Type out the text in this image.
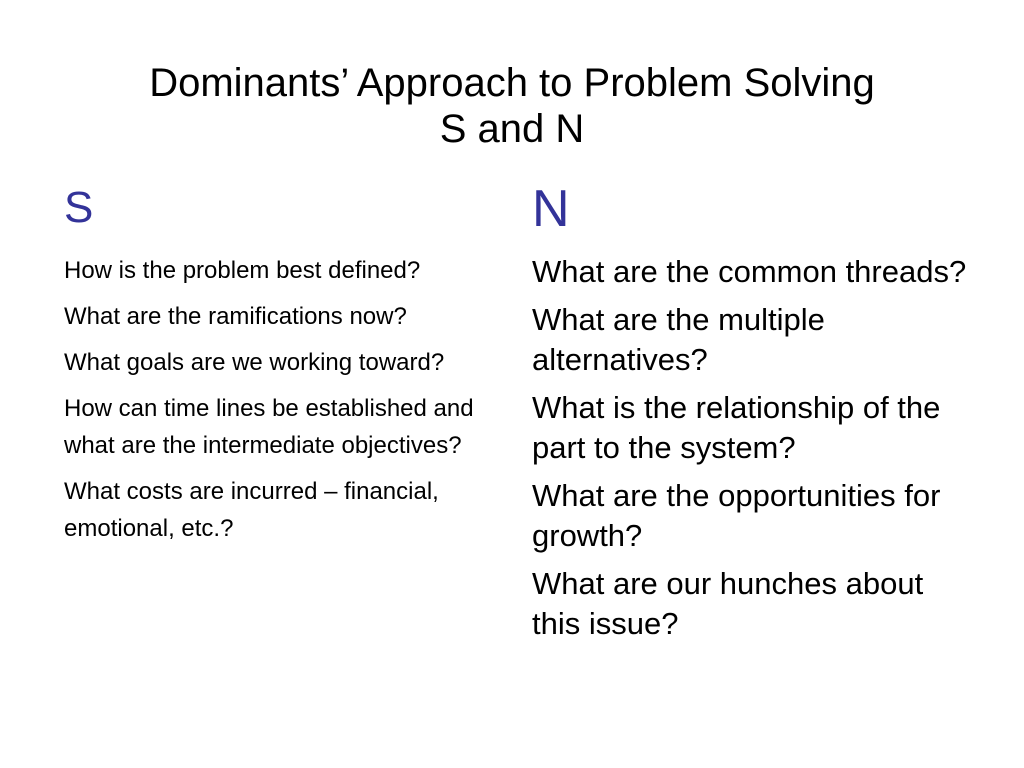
Dominants’ Approach to Problem Solving
S and N
S
How is the problem best defined?
What are the ramifications now?
What goals are we working toward?
How can time lines be established and what are the intermediate objectives?
What costs are incurred – financial, emotional, etc.?
N
What are the common threads?
What are the multiple alternatives?
What is the relationship of the part to the system?
What are the opportunities for growth?
What are our hunches about this issue?
